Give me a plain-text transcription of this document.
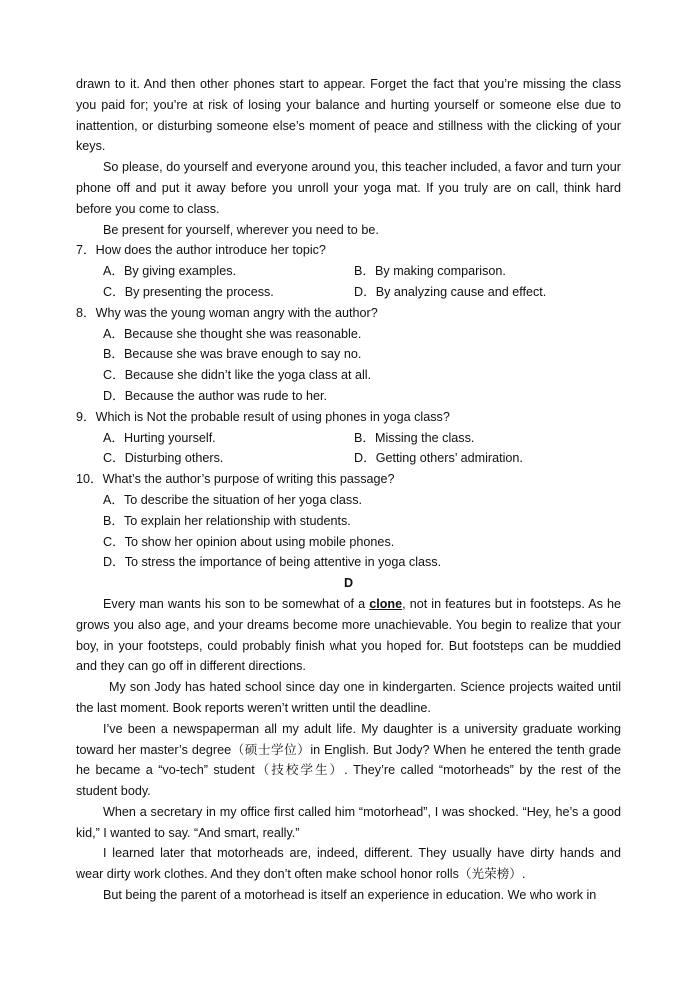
drawn to it. And then other phones start to appear. Forget the fact that you’re missing the class you paid for; you’re at risk of losing your balance and hurting yourself or someone else due to inattention, or disturbing someone else’s moment of peace and stillness with the clicking of your keys.

So please, do yourself and everyone around you, this teacher included, a favor and turn your phone off and put it away before you unroll your yoga mat. If you truly are on call, think hard before you come to class.

Be present for yourself, wherever you need to be.

7．How does the author introduce her topic?

A．By giving examples.	B．By making comparison.
C．By presenting the process.	D．By analyzing cause and effect.

8．Why was the young woman angry with the author?

A．Because she thought she was reasonable.
B．Because she was brave enough to say no.
C．Because she didn’t like the yoga class at all.
D．Because the author was rude to her.

9．Which is Not the probable result of using phones in yoga class?

A．Hurting yourself.	B．Missing the class.
C．Disturbing others.	D．Getting others’ admiration.

10．What’s the author’s purpose of writing this passage?

A．To describe the situation of her yoga class.
B．To explain her relationship with students.
C．To show her opinion about using mobile phones.
D．To stress the importance of being attentive in yoga class.

D

Every man wants his son to be somewhat of a clone, not in features but in footsteps. As he grows you also age, and your dreams become more unachievable. You begin to realize that your boy, in your footsteps, could probably finish what you hoped for. But footsteps can be muddied and they can go off in different directions.

My son Jody has hated school since day one in kindergarten. Science projects waited until the last moment. Book reports weren’t written until the deadline.

I’ve been a newspaperman all my adult life. My daughter is a university graduate working toward her master’s degree（硕士学位）in English. But Jody? When he entered the tenth grade he became a “vo-tech” student（技校学生）. They’re called “motorheads” by the rest of the student body.

When a secretary in my office first called him “motorhead”, I was shocked. “Hey, he’s a good kid,” I wanted to say. “And smart, really.”

I learned later that motorheads are, indeed, different. They usually have dirty hands and wear dirty work clothes. And they don’t often make school honor rolls（光荣榜）.

But being the parent of a motorhead is itself an experience in education. We who work in
